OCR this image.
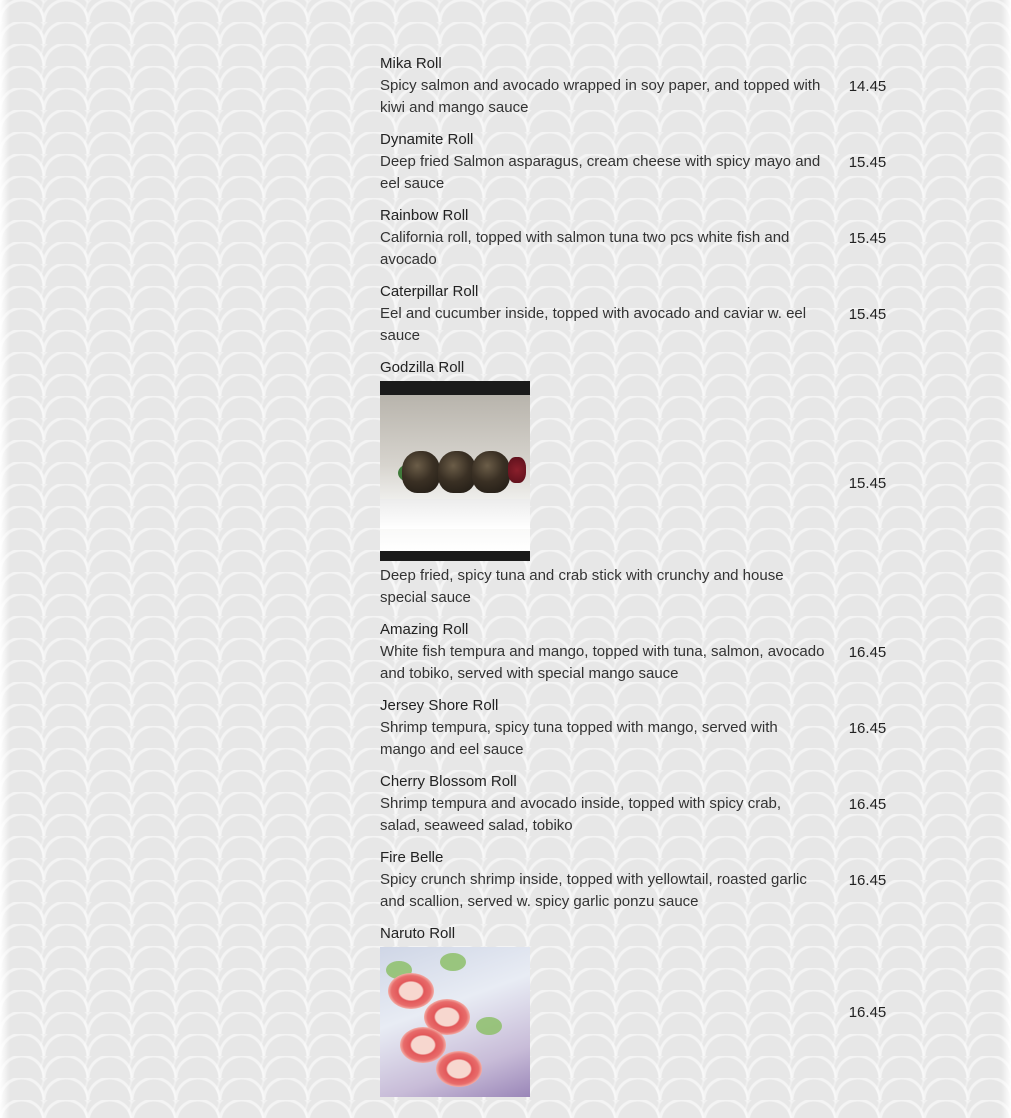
Mika Roll
Spicy salmon and avocado wrapped in soy paper, and topped with kiwi and mango sauce
14.45
Dynamite Roll
Deep fried Salmon asparagus, cream cheese with spicy mayo and eel sauce
15.45
Rainbow Roll
California roll, topped with salmon tuna two pcs white fish and avocado
15.45
Caterpillar Roll
Eel and cucumber inside, topped with avocado and caviar w. eel sauce
15.45
Godzilla Roll
Deep fried, spicy tuna and crab stick with crunchy and house special sauce
15.45
Amazing Roll
White fish tempura and mango, topped with tuna, salmon, avocado and tobiko, served with special mango sauce
16.45
Jersey Shore Roll
Shrimp tempura, spicy tuna topped with mango, served with mango and eel sauce
16.45
Cherry Blossom Roll
Shrimp tempura and avocado inside, topped with spicy crab, salad, seaweed salad, tobiko
16.45
Fire Belle
Spicy crunch shrimp inside, topped with yellowtail, roasted garlic and scallion, served w. spicy garlic ponzu sauce
16.45
Naruto Roll
16.45
